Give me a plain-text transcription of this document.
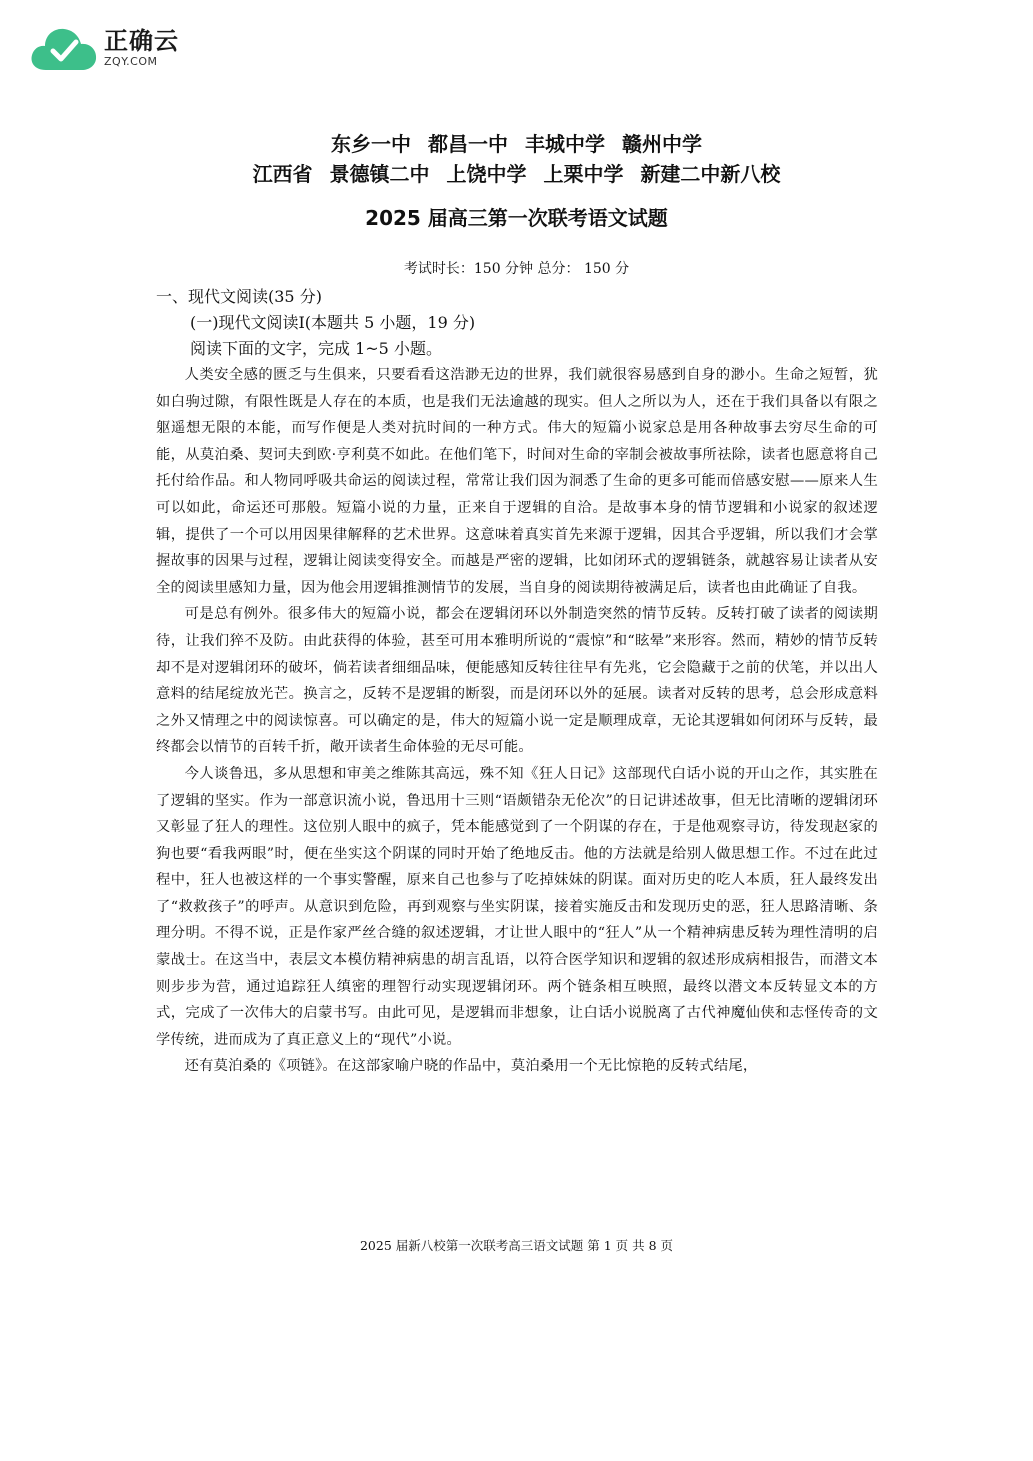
正确云
ZQY.COM
东乡一中 都昌一中 丰城中学 赣州中学
江西省 景德镇二中 上饶中学 上栗中学 新建二中新八校
2025 届高三第一次联考语文试题
考试时长：150 分钟 总分： 150 分
一、现代文阅读(35 分)
(一)现代文阅读Ⅰ(本题共 5 小题，19 分)
阅读下面的文字，完成 1~5 小题。

人类安全感的匮乏与生俱来，只要看看这浩渺无边的世界，我们就很容易感到自身的渺小。生命之短暂，犹如白驹过隙，有限性既是人存在的本质，也是我们无法逾越的现实。但人之所以为人，还在于我们具备以有限之躯遥想无限的本能，而写作便是人类对抗时间的一种方式。伟大的短篇小说家总是用各种故事去穷尽生命的可能，从莫泊桑、契诃夫到欧·亨利莫不如此。在他们笔下，时间对生命的宰制会被故事所祛除，读者也愿意将自己托付给作品。和人物同呼吸共命运的阅读过程，常常让我们因为洞悉了生命的更多可能而倍感安慰——原来人生可以如此，命运还可那般。短篇小说的力量，正来自于逻辑的自洽。是故事本身的情节逻辑和小说家的叙述逻辑，提供了一个可以用因果律解释的艺术世界。这意味着真实首先来源于逻辑，因其合乎逻辑，所以我们才会掌握故事的因果与过程，逻辑让阅读变得安全。而越是严密的逻辑，比如闭环式的逻辑链条，就越容易让读者从安全的阅读里感知力量，因为他会用逻辑推测情节的发展，当自身的阅读期待被满足后，读者也由此确证了自我。

可是总有例外。很多伟大的短篇小说，都会在逻辑闭环以外制造突然的情节反转。反转打破了读者的阅读期待，让我们猝不及防。由此获得的体验，甚至可用本雅明所说的“震惊”和“眩晕”来形容。然而，精妙的情节反转却不是对逻辑闭环的破坏，倘若读者细细品味，便能感知反转往往早有先兆，它会隐藏于之前的伏笔，并以出人意料的结尾绽放光芒。换言之，反转不是逻辑的断裂，而是闭环以外的延展。读者对反转的思考，总会形成意料之外又情理之中的阅读惊喜。可以确定的是，伟大的短篇小说一定是顺理成章，无论其逻辑如何闭环与反转，最终都会以情节的百转千折，敞开读者生命体验的无尽可能。

今人谈鲁迅，多从思想和审美之维陈其高远，殊不知《狂人日记》这部现代白话小说的开山之作，其实胜在了逻辑的坚实。作为一部意识流小说，鲁迅用十三则“语颇错杂无伦次”的日记讲述故事，但无比清晰的逻辑闭环又彰显了狂人的理性。这位别人眼中的疯子，凭本能感觉到了一个阴谋的存在，于是他观察寻访，待发现赵家的狗也要“看我两眼”时，便在坐实这个阴谋的同时开始了绝地反击。他的方法就是给别人做思想工作。不过在此过程中，狂人也被这样的一个事实警醒，原来自己也参与了吃掉妹妹的阴谋。面对历史的吃人本质，狂人最终发出了“救救孩子”的呼声。从意识到危险，再到观察与坐实阴谋，接着实施反击和发现历史的恶，狂人思路清晰、条理分明。不得不说，正是作家严丝合缝的叙述逻辑，才让世人眼中的“狂人”从一个精神病患反转为理性清明的启蒙战士。在这当中，表层文本模仿精神病患的胡言乱语，以符合医学知识和逻辑的叙述形成病相报告，而潜文本则步步为营，通过追踪狂人缜密的理智行动实现逻辑闭环。两个链条相互映照，最终以潜文本反转显文本的方式，完成了一次伟大的启蒙书写。由此可见，是逻辑而非想象，让白话小说脱离了古代神魔仙侠和志怪传奇的文学传统，进而成为了真正意义上的“现代”小说。

还有莫泊桑的《项链》。在这部家喻户晓的作品中，莫泊桑用一个无比惊艳的反转式结尾，

2025 届新八校第一次联考高三语文试题 第 1 页 共 8 页
